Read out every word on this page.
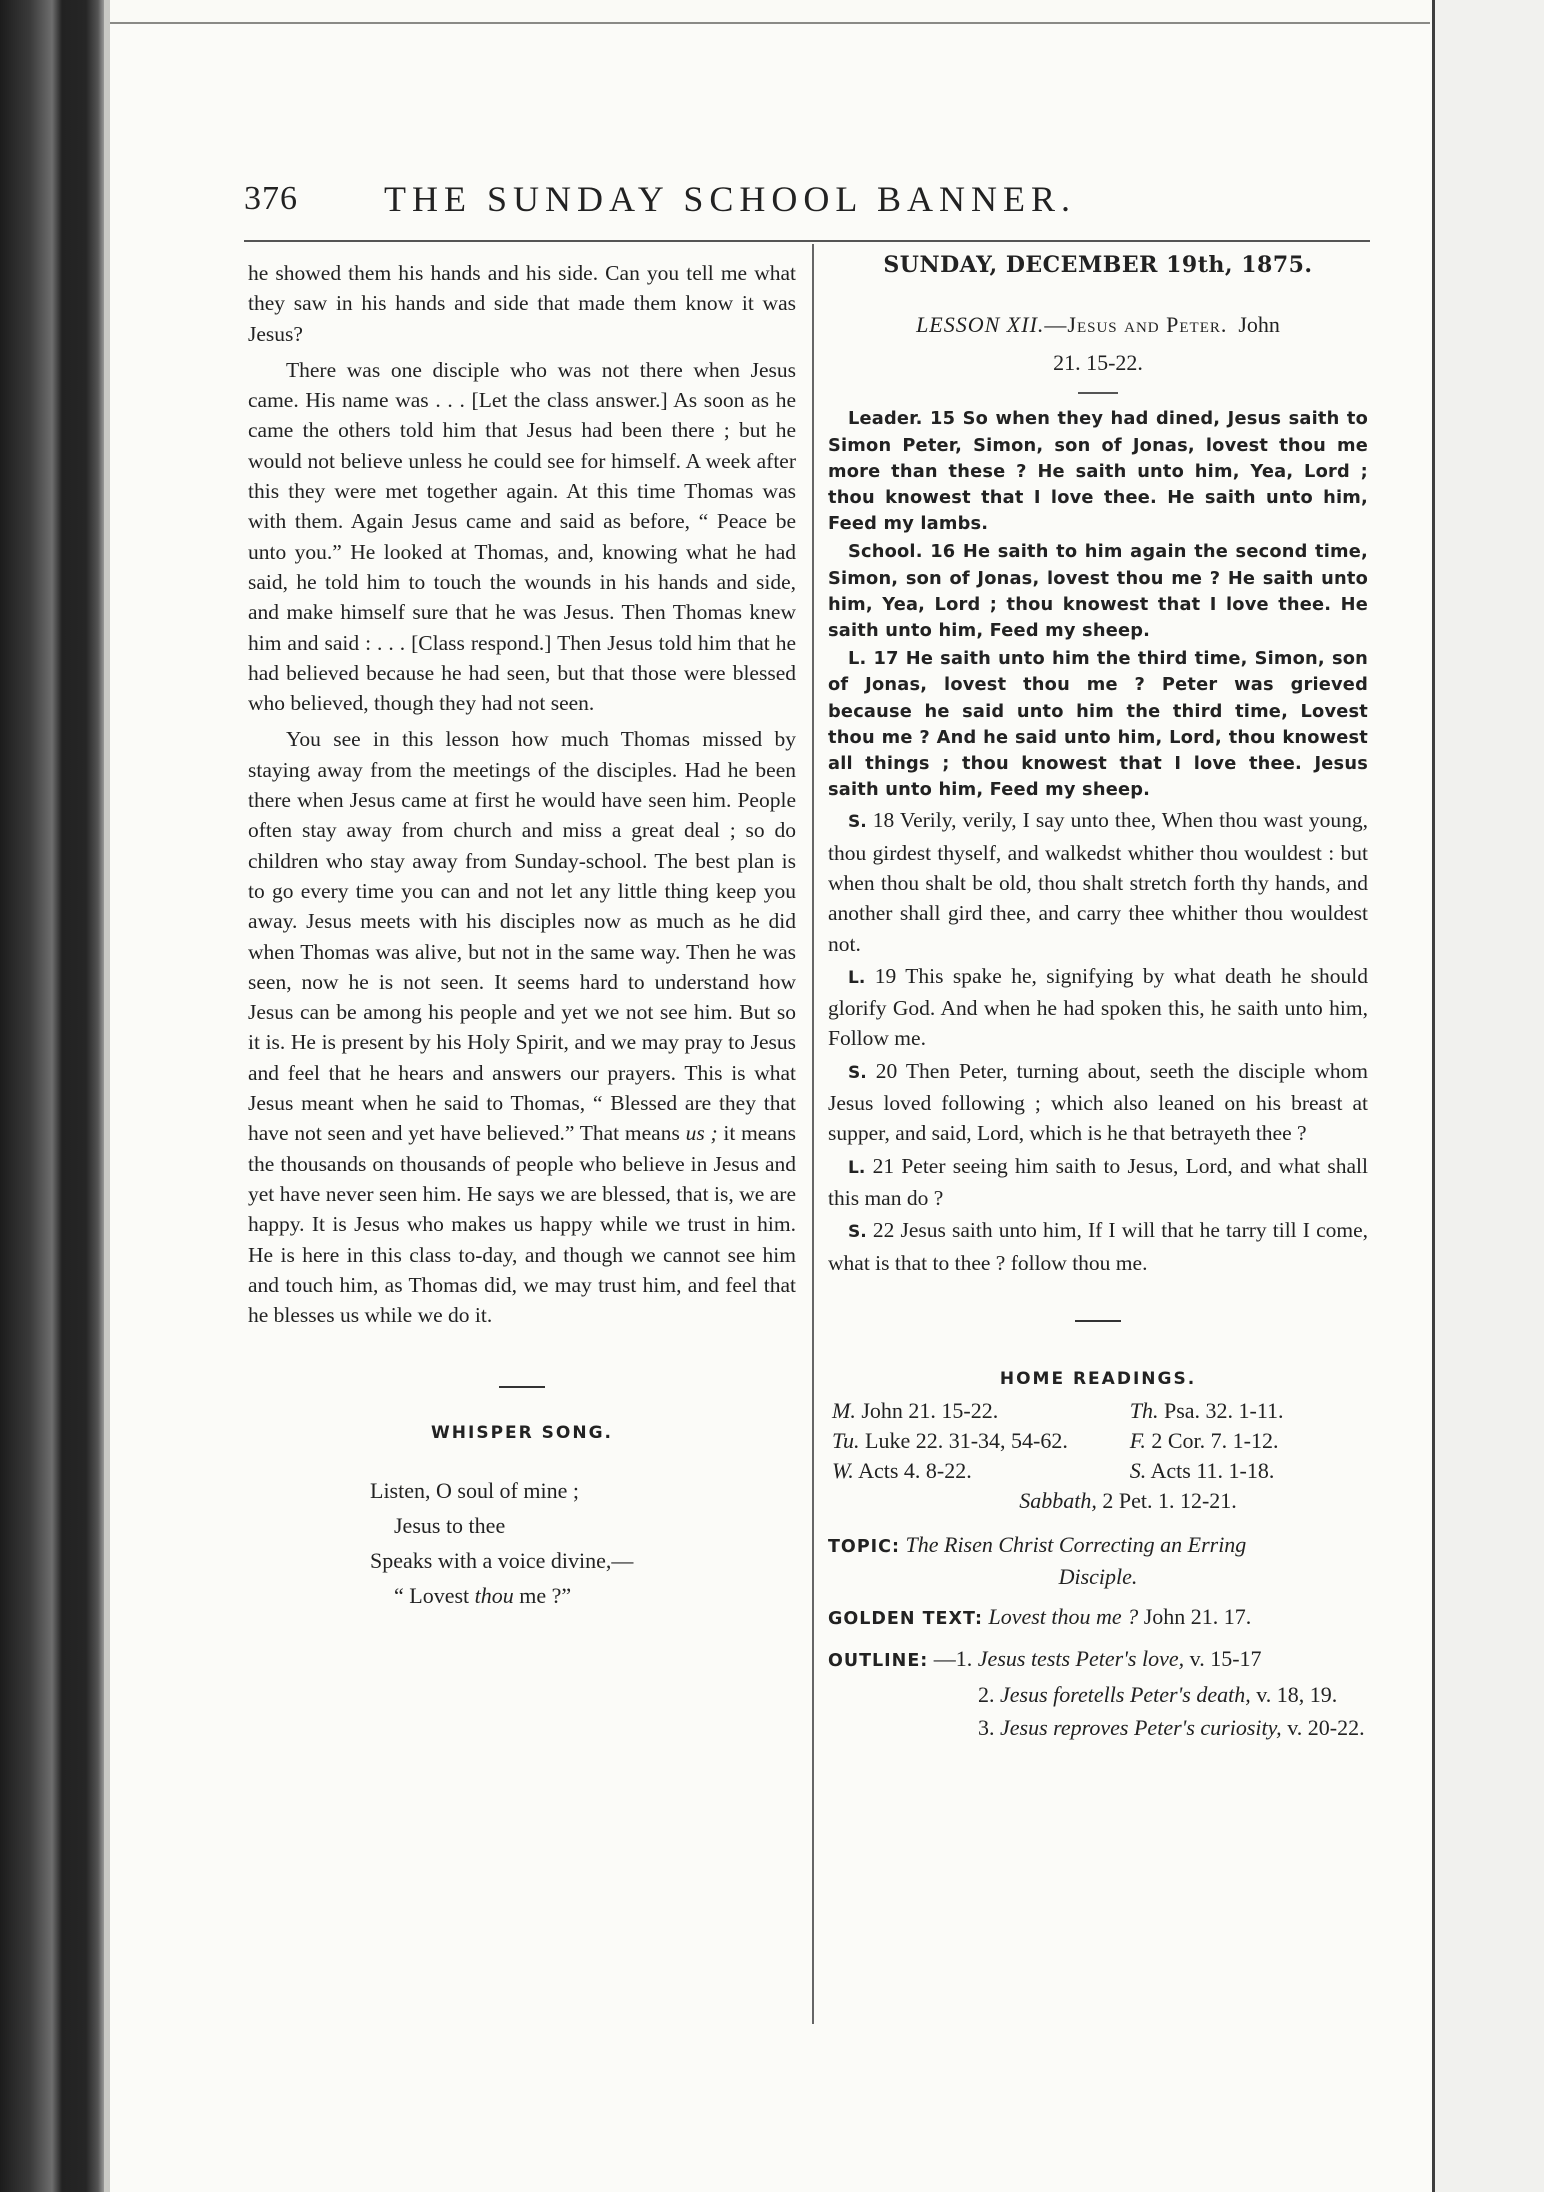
376 THE SUNDAY SCHOOL BANNER.

he showed them his hands and his side. Can you tell me what they saw in his hands and side that made them know it was Jesus?

There was one disciple who was not there when Jesus came. His name was . . . [Let the class answer.] As soon as he came the others told him that Jesus had been there ; but he would not believe unless he could see for himself. A week after this they were met together again. At this time Thomas was with them. Again Jesus came and said as before, “ Peace be unto you.” He looked at Thomas, and, knowing what he had said, he told him to touch the wounds in his hands and side, and make himself sure that he was Jesus. Then Thomas knew him and said : . . . [Class respond.] Then Jesus told him that he had believed because he had seen, but that those were blessed who believed, though they had not seen.

You see in this lesson how much Thomas missed by staying away from the meetings of the disciples. Had he been there when Jesus came at first he would have seen him. People often stay away from church and miss a great deal ; so do children who stay away from Sunday-school. The best plan is to go every time you can and not let any little thing keep you away. Jesus meets with his disciples now as much as he did when Thomas was alive, but not in the same way. Then he was seen, now he is not seen. It seems hard to understand how Jesus can be among his people and yet we not see him. But so it is. He is present by his Holy Spirit, and we may pray to Jesus and feel that he hears and answers our prayers. This is what Jesus meant when he said to Thomas, “ Blessed are they that have not seen and yet have believed.” That means us ; it means the thousands on thousands of people who believe in Jesus and yet have never seen him. He says we are blessed, that is, we are happy. It is Jesus who makes us happy while we trust in him. He is here in this class to-day, and though we cannot see him and touch him, as Thomas did, we may trust him, and feel that he blesses us while we do it.

WHISPER SONG.
Listen, O soul of mine ;
Jesus to thee
Speaks with a voice divine,—
“ Lovest thou me ?”
SUNDAY, DECEMBER 19th, 1875.
LESSON XII.—Jesus and Peter. John
21. 15-22.

Leader. 15 So when they had dined, Jesus saith to Simon Peter, Simon, son of Jonas, lovest thou me more than these ? He saith unto him, Yea, Lord ; thou knowest that I love thee. He saith unto him, Feed my lambs.

School. 16 He saith to him again the second time, Simon, son of Jonas, lovest thou me ? He saith unto him, Yea, Lord ; thou knowest that I love thee. He saith unto him, Feed my sheep.

L. 17 He saith unto him the third time, Simon, son of Jonas, lovest thou me ? Peter was grieved because he said unto him the third time, Lovest thou me ? And he said unto him, Lord, thou knowest all things ; thou knowest that I love thee. Jesus saith unto him, Feed my sheep.

S. 18 Verily, verily, I say unto thee, When thou wast young, thou girdest thyself, and walkedst whither thou wouldest : but when thou shalt be old, thou shalt stretch forth thy hands, and another shall gird thee, and carry thee whither thou wouldest not.

L. 19 This spake he, signifying by what death he should glorify God. And when he had spoken this, he saith unto him, Follow me.

S. 20 Then Peter, turning about, seeth the disciple whom Jesus loved following ; which also leaned on his breast at supper, and said, Lord, which is he that betrayeth thee ?

L. 21 Peter seeing him saith to Jesus, Lord, and what shall this man do ?

S. 22 Jesus saith unto him, If I will that he tarry till I come, what is that to thee ? follow thou me.

HOME READINGS.
M. John 21. 15-22.	Th. Psa. 32. 1-11.
Tu. Luke 22. 31-34, 54-62.	F. 2 Cor. 7. 1-12.
W. Acts 4. 8-22.	S. Acts 11. 1-18.
Sabbath, 2 Pet. 1. 12-21.
TOPIC: The Risen Christ Correcting an Erring
Disciple.
GOLDEN TEXT: Lovest thou me ? John 21. 17.
OUTLINE: —1. Jesus tests Peter's love, v. 15-17
2. Jesus foretells Peter's death, v. 18, 19.
3. Jesus reproves Peter's curiosity, v. 20-22.
